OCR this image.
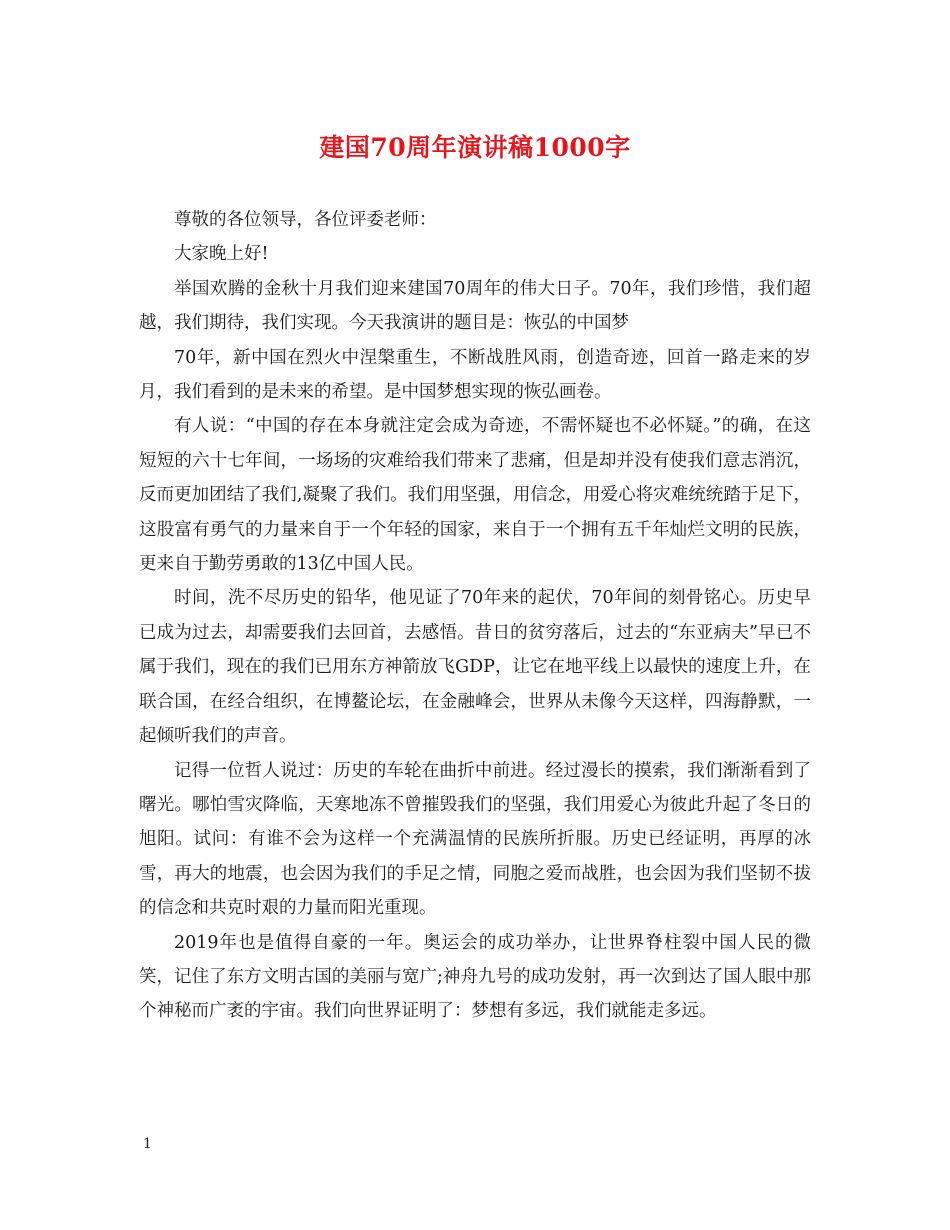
建国70周年演讲稿1000字

尊敬的各位领导，各位评委老师：

大家晚上好!

举国欢腾的金秋十月我们迎来建国70周年的伟大日子。70年，我们珍惜，我们超越，我们期待，我们实现。今天我演讲的题目是：恢弘的中国梦

70年，新中国在烈火中涅槃重生，不断战胜风雨，创造奇迹，回首一路走来的岁月，我们看到的是未来的希望。是中国梦想实现的恢弘画卷。

有人说：“中国的存在本身就注定会成为奇迹，不需怀疑也不必怀疑。”的确，在这短短的六十七年间，一场场的灾难给我们带来了悲痛，但是却并没有使我们意志消沉，反而更加团结了我们,凝聚了我们。我们用坚强，用信念，用爱心将灾难统统踏于足下，这股富有勇气的力量来自于一个年轻的国家，来自于一个拥有五千年灿烂文明的民族，更来自于勤劳勇敢的13亿中国人民。

时间，洗不尽历史的铅华，他见证了70年来的起伏，70年间的刻骨铭心。历史早已成为过去，却需要我们去回首，去感悟。昔日的贫穷落后，过去的“东亚病夫”早已不属于我们，现在的我们已用东方神箭放飞GDP，让它在地平线上以最快的速度上升，在联合国，在经合组织，在博鳌论坛，在金融峰会，世界从未像今天这样，四海静默，一起倾听我们的声音。

记得一位哲人说过：历史的车轮在曲折中前进。经过漫长的摸索，我们渐渐看到了曙光。哪怕雪灾降临，天寒地冻不曾摧毁我们的坚强，我们用爱心为彼此升起了冬日的旭阳。试问：有谁不会为这样一个充满温情的民族所折服。历史已经证明，再厚的冰雪，再大的地震，也会因为我们的手足之情，同胞之爱而战胜，也会因为我们坚韧不拔的信念和共克时艰的力量而阳光重现。

2019年也是值得自豪的一年。奥运会的成功举办，让世界脊柱裂中国人民的微笑，记住了东方文明古国的美丽与宽广;神舟九号的成功发射，再一次到达了国人眼中那个神秘而广袤的宇宙。我们向世界证明了：梦想有多远，我们就能走多远。

1
